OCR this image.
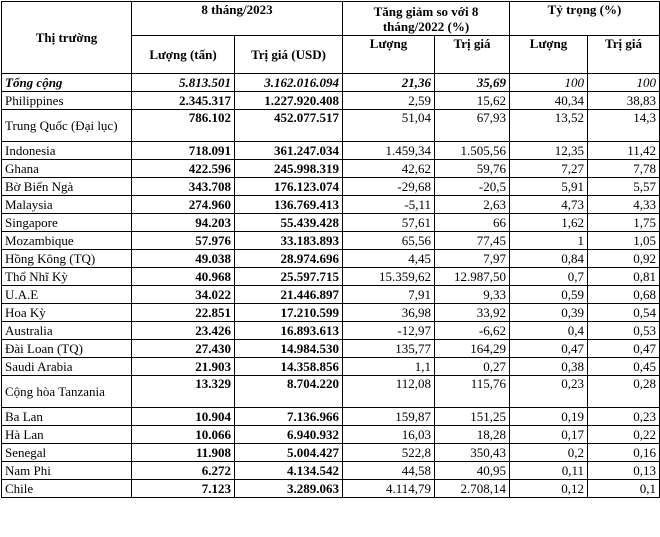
Thị trường	8 tháng/2023		Tăng giảm so với 8 tháng/2022 (%)		Tỷ trọng (%)	
	Lượng (tấn)	Trị giá (USD)	Lượng	Trị giá	Lượng	Trị giá
Tổng cộng	5.813.501	3.162.016.094	21,36	35,69	100	100
Philippines	2.345.317	1.227.920.408	2,59	15,62	40,34	38,83
Trung Quốc (Đại lục)	786.102	452.077.517	51,04	67,93	13,52	14,3
Indonesia	718.091	361.247.034	1.459,34	1.505,56	12,35	11,42
Ghana	422.596	245.998.319	42,62	59,76	7,27	7,78
Bờ Biển Ngà	343.708	176.123.074	-29,68	-20,5	5,91	5,57
Malaysia	274.960	136.769.413	-5,11	2,63	4,73	4,33
Singapore	94.203	55.439.428	57,61	66	1,62	1,75
Mozambique	57.976	33.183.893	65,56	77,45	1	1,05
Hồng Kông (TQ)	49.038	28.974.696	4,45	7,97	0,84	0,92
Thổ Nhĩ Kỳ	40.968	25.597.715	15.359,62	12.987,50	0,7	0,81
U.A.E	34.022	21.446.897	7,91	9,33	0,59	0,68
Hoa Kỳ	22.851	17.210.599	36,98	33,92	0,39	0,54
Australia	23.426	16.893.613	-12,97	-6,62	0,4	0,53
Đài Loan (TQ)	27.430	14.984.530	135,77	164,29	0,47	0,47
Saudi Arabia	21.903	14.358.856	1,1	0,27	0,38	0,45
Cộng hòa Tanzania	13.329	8.704.220	112,08	115,76	0,23	0,28
Ba Lan	10.904	7.136.966	159,87	151,25	0,19	0,23
Hà Lan	10.066	6.940.932	16,03	18,28	0,17	0,22
Senegal	11.908	5.004.427	522,8	350,43	0,2	0,16
Nam Phi	6.272	4.134.542	44,58	40,95	0,11	0,13
Chile	7.123	3.289.063	4.114,79	2.708,14	0,12	0,1
